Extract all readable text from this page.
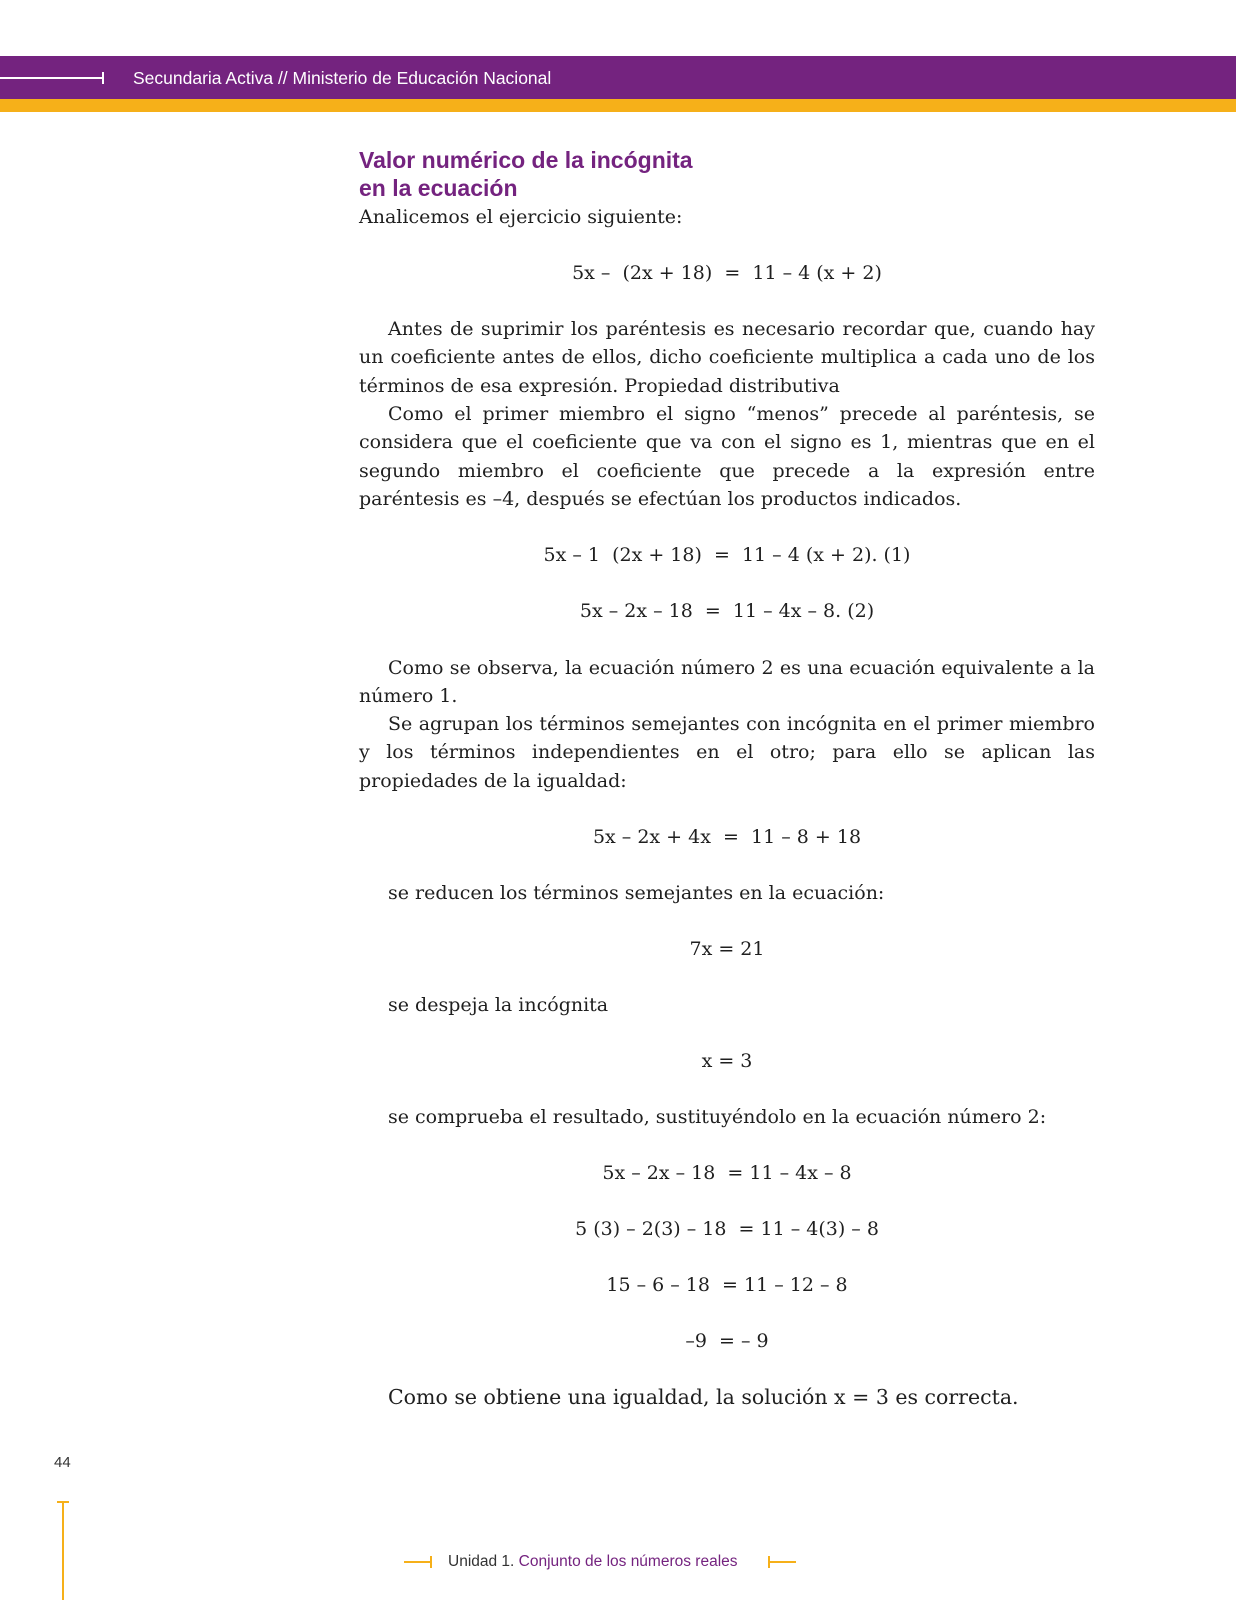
Secundaria Activa // Ministerio de Educación Nacional
Valor numérico de la incógnita
en la ecuación

Analicemos el ejercicio siguiente:

5x –  (2x + 18)  =  11 – 4 (x + 2)

Antes de suprimir los paréntesis es necesario recordar que, cuando hay un coeficiente antes de ellos, dicho coeficiente multiplica a cada uno de los términos de esa expresión. Propiedad distributiva

Como el primer miembro el signo “menos” precede al paréntesis, se considera que el coeficiente que va con el signo es 1, mientras que en el segundo miembro el coeficiente que precede a la expresión entre paréntesis es –4, después se efectúan los productos indicados.

5x – 1  (2x + 18)  =  11 – 4 (x + 2). (1)

5x – 2x – 18  =  11 – 4x – 8. (2)

Como se observa, la ecuación número 2 es una ecuación equivalente a la número 1.

Se agrupan los términos semejantes con incógnita en el primer miembro y los términos independientes en el otro; para ello se aplican las propiedades de la igualdad:

5x – 2x + 4x  =  11 – 8 + 18

se reducen los términos semejantes en la ecuación:

7x = 21

se despeja la incógnita

x = 3

se comprueba el resultado, sustituyéndolo en la ecuación número 2:

5x – 2x – 18  = 11 – 4x – 8

5 (3) – 2(3) – 18  = 11 – 4(3) – 8

15 – 6 – 18  = 11 – 12 – 8

–9  = – 9

Como se obtiene una igualdad, la solución x = 3 es correcta.

44
Unidad 1. Conjunto de los números reales
